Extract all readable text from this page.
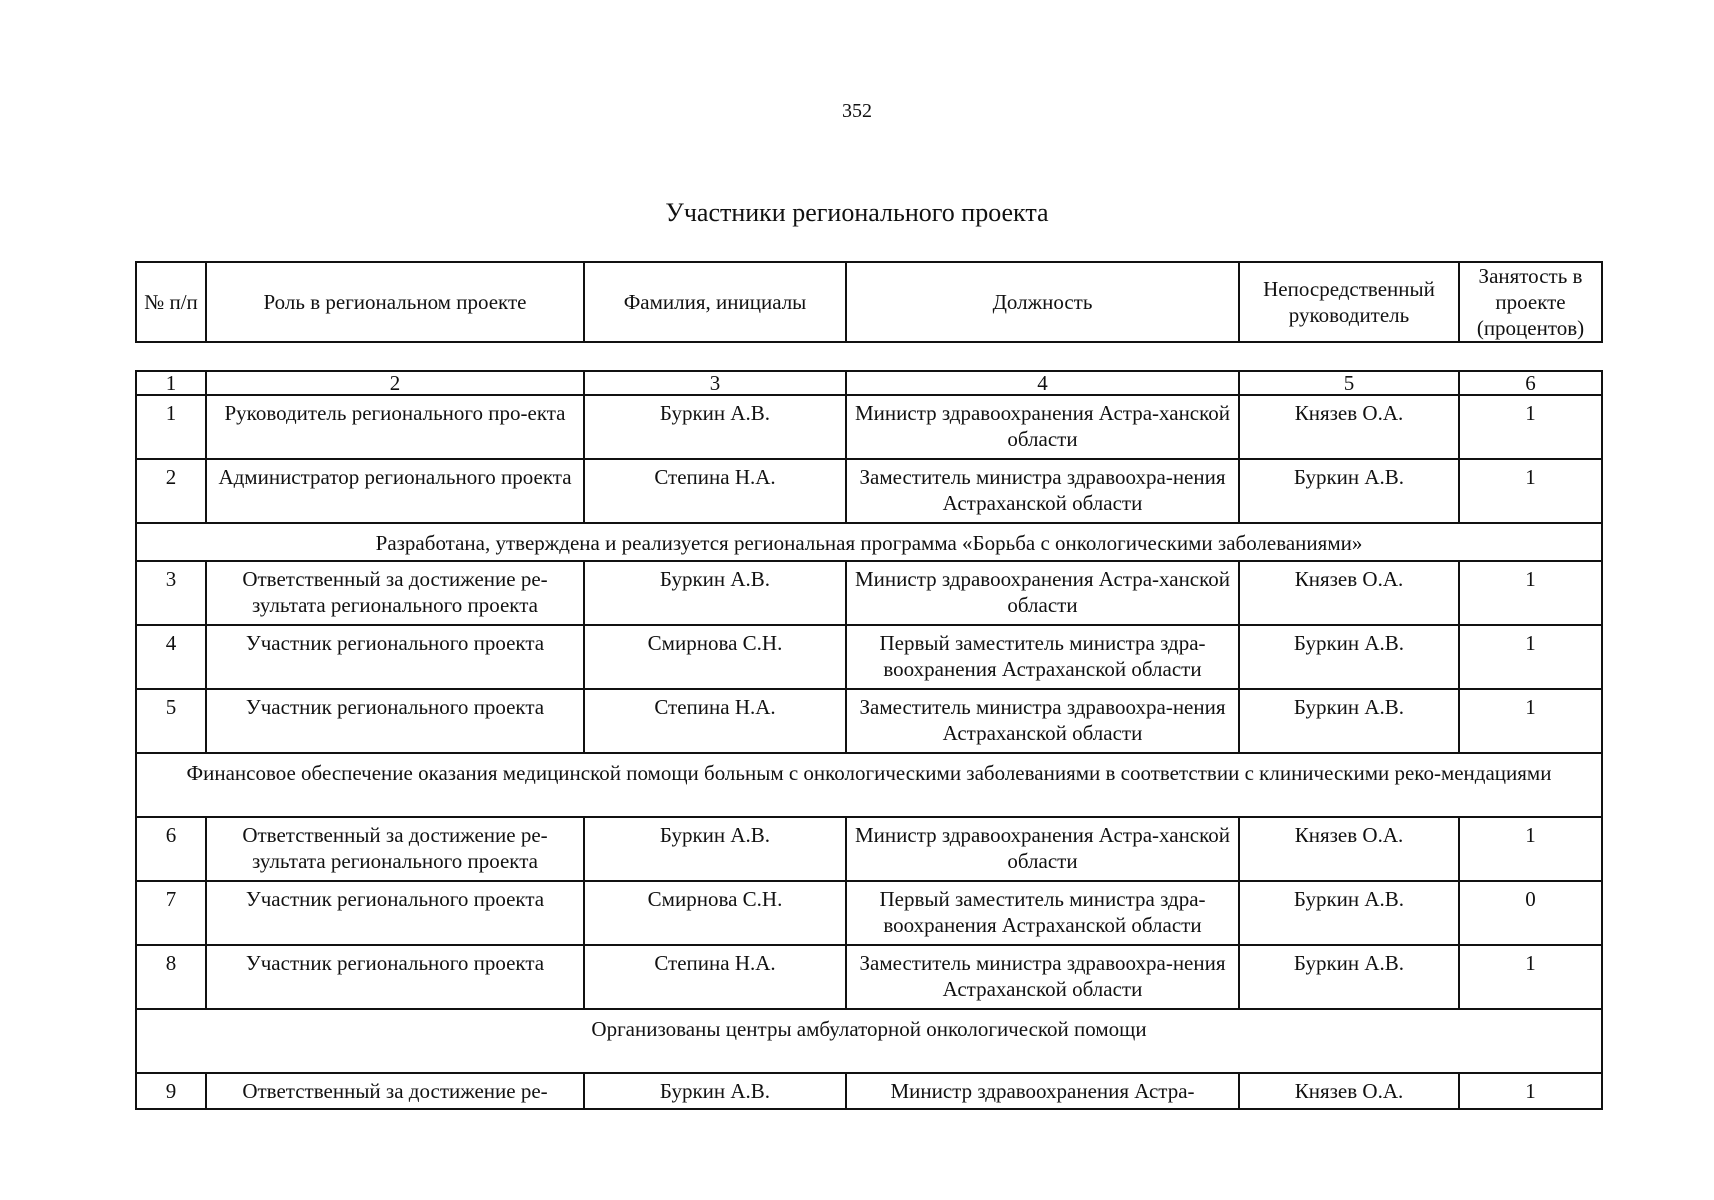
352
Участники регионального проекта
№ п/п	Роль в региональном проекте	Фамилия, инициалы	Должность	Непосредственный руководитель	Занятость в проекте (процентов)
1	2	3	4	5	6
1	Руководитель регионального про-екта	Буркин А.В.	Министр здравоохранения Астра-ханской области	Князев О.А.	1
2	Администратор регионального проекта	Степина Н.А.	Заместитель министра здравоохра-нения Астраханской области	Буркин А.В.	1
Разработана, утверждена и реализуется региональная программа «Борьба с онкологическими заболеваниями»					
3	Ответственный за достижение ре-зультата регионального проекта	Буркин А.В.	Министр здравоохранения Астра-ханской области	Князев О.А.	1
4	Участник регионального проекта	Смирнова С.Н.	Первый заместитель министра здра-воохранения Астраханской области	Буркин А.В.	1
5	Участник регионального проекта	Степина Н.А.	Заместитель министра здравоохра-нения Астраханской области	Буркин А.В.	1
Финансовое обеспечение оказания медицинской помощи больным с онкологическими заболеваниями в соответствии с клиническими реко-мендациями					
6	Ответственный за достижение ре-зультата регионального проекта	Буркин А.В.	Министр здравоохранения Астра-ханской области	Князев О.А.	1
7	Участник регионального проекта	Смирнова С.Н.	Первый заместитель министра здра-воохранения Астраханской области	Буркин А.В.	0
8	Участник регионального проекта	Степина Н.А.	Заместитель министра здравоохра-нения Астраханской области	Буркин А.В.	1
Организованы центры амбулаторной онкологической помощи					
9	Ответственный за достижение ре-	Буркин А.В.	Министр здравоохранения Астра-	Князев О.А.	1
